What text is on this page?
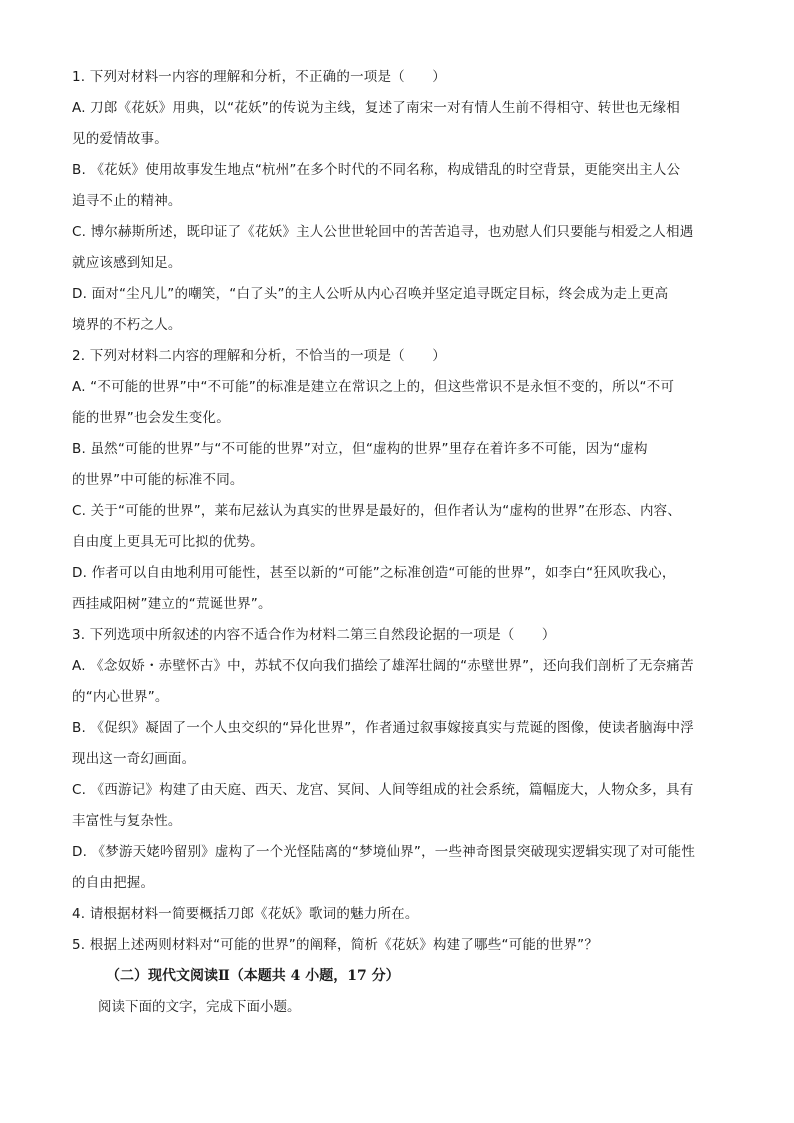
1. 下列对材料一内容的理解和分析，不正确的一项是（　　）
A. 刀郎《花妖》用典，以“花妖”的传说为主线，复述了南宋一对有情人生前不得相守、转世也无缘相
见的爱情故事。
B. 《花妖》使用故事发生地点“杭州”在多个时代的不同名称，构成错乱的时空背景，更能突出主人公
追寻不止的精神。
C. 博尔赫斯所述，既印证了《花妖》主人公世世轮回中的苦苦追寻，也劝慰人们只要能与相爱之人相遇
就应该感到知足。
D. 面对“尘凡儿”的嘲笑，“白了头”的主人公听从内心召唤并坚定追寻既定目标，终会成为走上更高
境界的不朽之人。
2. 下列对材料二内容的理解和分析，不恰当的一项是（　　）
A. “不可能的世界”中“不可能”的标准是建立在常识之上的，但这些常识不是永恒不变的，所以“不可
能的世界”也会发生变化。
B. 虽然“可能的世界”与“不可能的世界”对立，但“虚构的世界”里存在着许多不可能，因为“虚构
的世界”中可能的标准不同。
C. 关于“可能的世界”，莱布尼兹认为真实的世界是最好的，但作者认为“虚构的世界”在形态、内容、
自由度上更具无可比拟的优势。
D. 作者可以自由地利用可能性，甚至以新的“可能”之标准创造“可能的世界”，如李白“狂风吹我心，
西挂咸阳树”建立的“荒诞世界”。
3. 下列选项中所叙述的内容不适合作为材料二第三自然段论据的一项是（　　）
A. 《念奴娇・赤壁怀古》中，苏轼不仅向我们描绘了雄浑壮阔的“赤壁世界”，还向我们剖析了无奈痛苦
的“内心世界”。
B. 《促织》凝固了一个人虫交织的“异化世界”，作者通过叙事嫁接真实与荒诞的图像，使读者脑海中浮
现出这一奇幻画面。
C. 《西游记》构建了由天庭、西天、龙宫、冥间、人间等组成的社会系统，篇幅庞大，人物众多，具有
丰富性与复杂性。
D. 《梦游天姥吟留别》虚构了一个光怪陆离的“梦境仙界”，一些神奇图景突破现实逻辑实现了对可能性
的自由把握。
4. 请根据材料一简要概括刀郎《花妖》歌词的魅力所在。
5. 根据上述两则材料对“可能的世界”的阐释，简析《花妖》构建了哪些“可能的世界”？
（二）现代文阅读Ⅱ（本题共 4 小题，17 分）
阅读下面的文字，完成下面小题。
